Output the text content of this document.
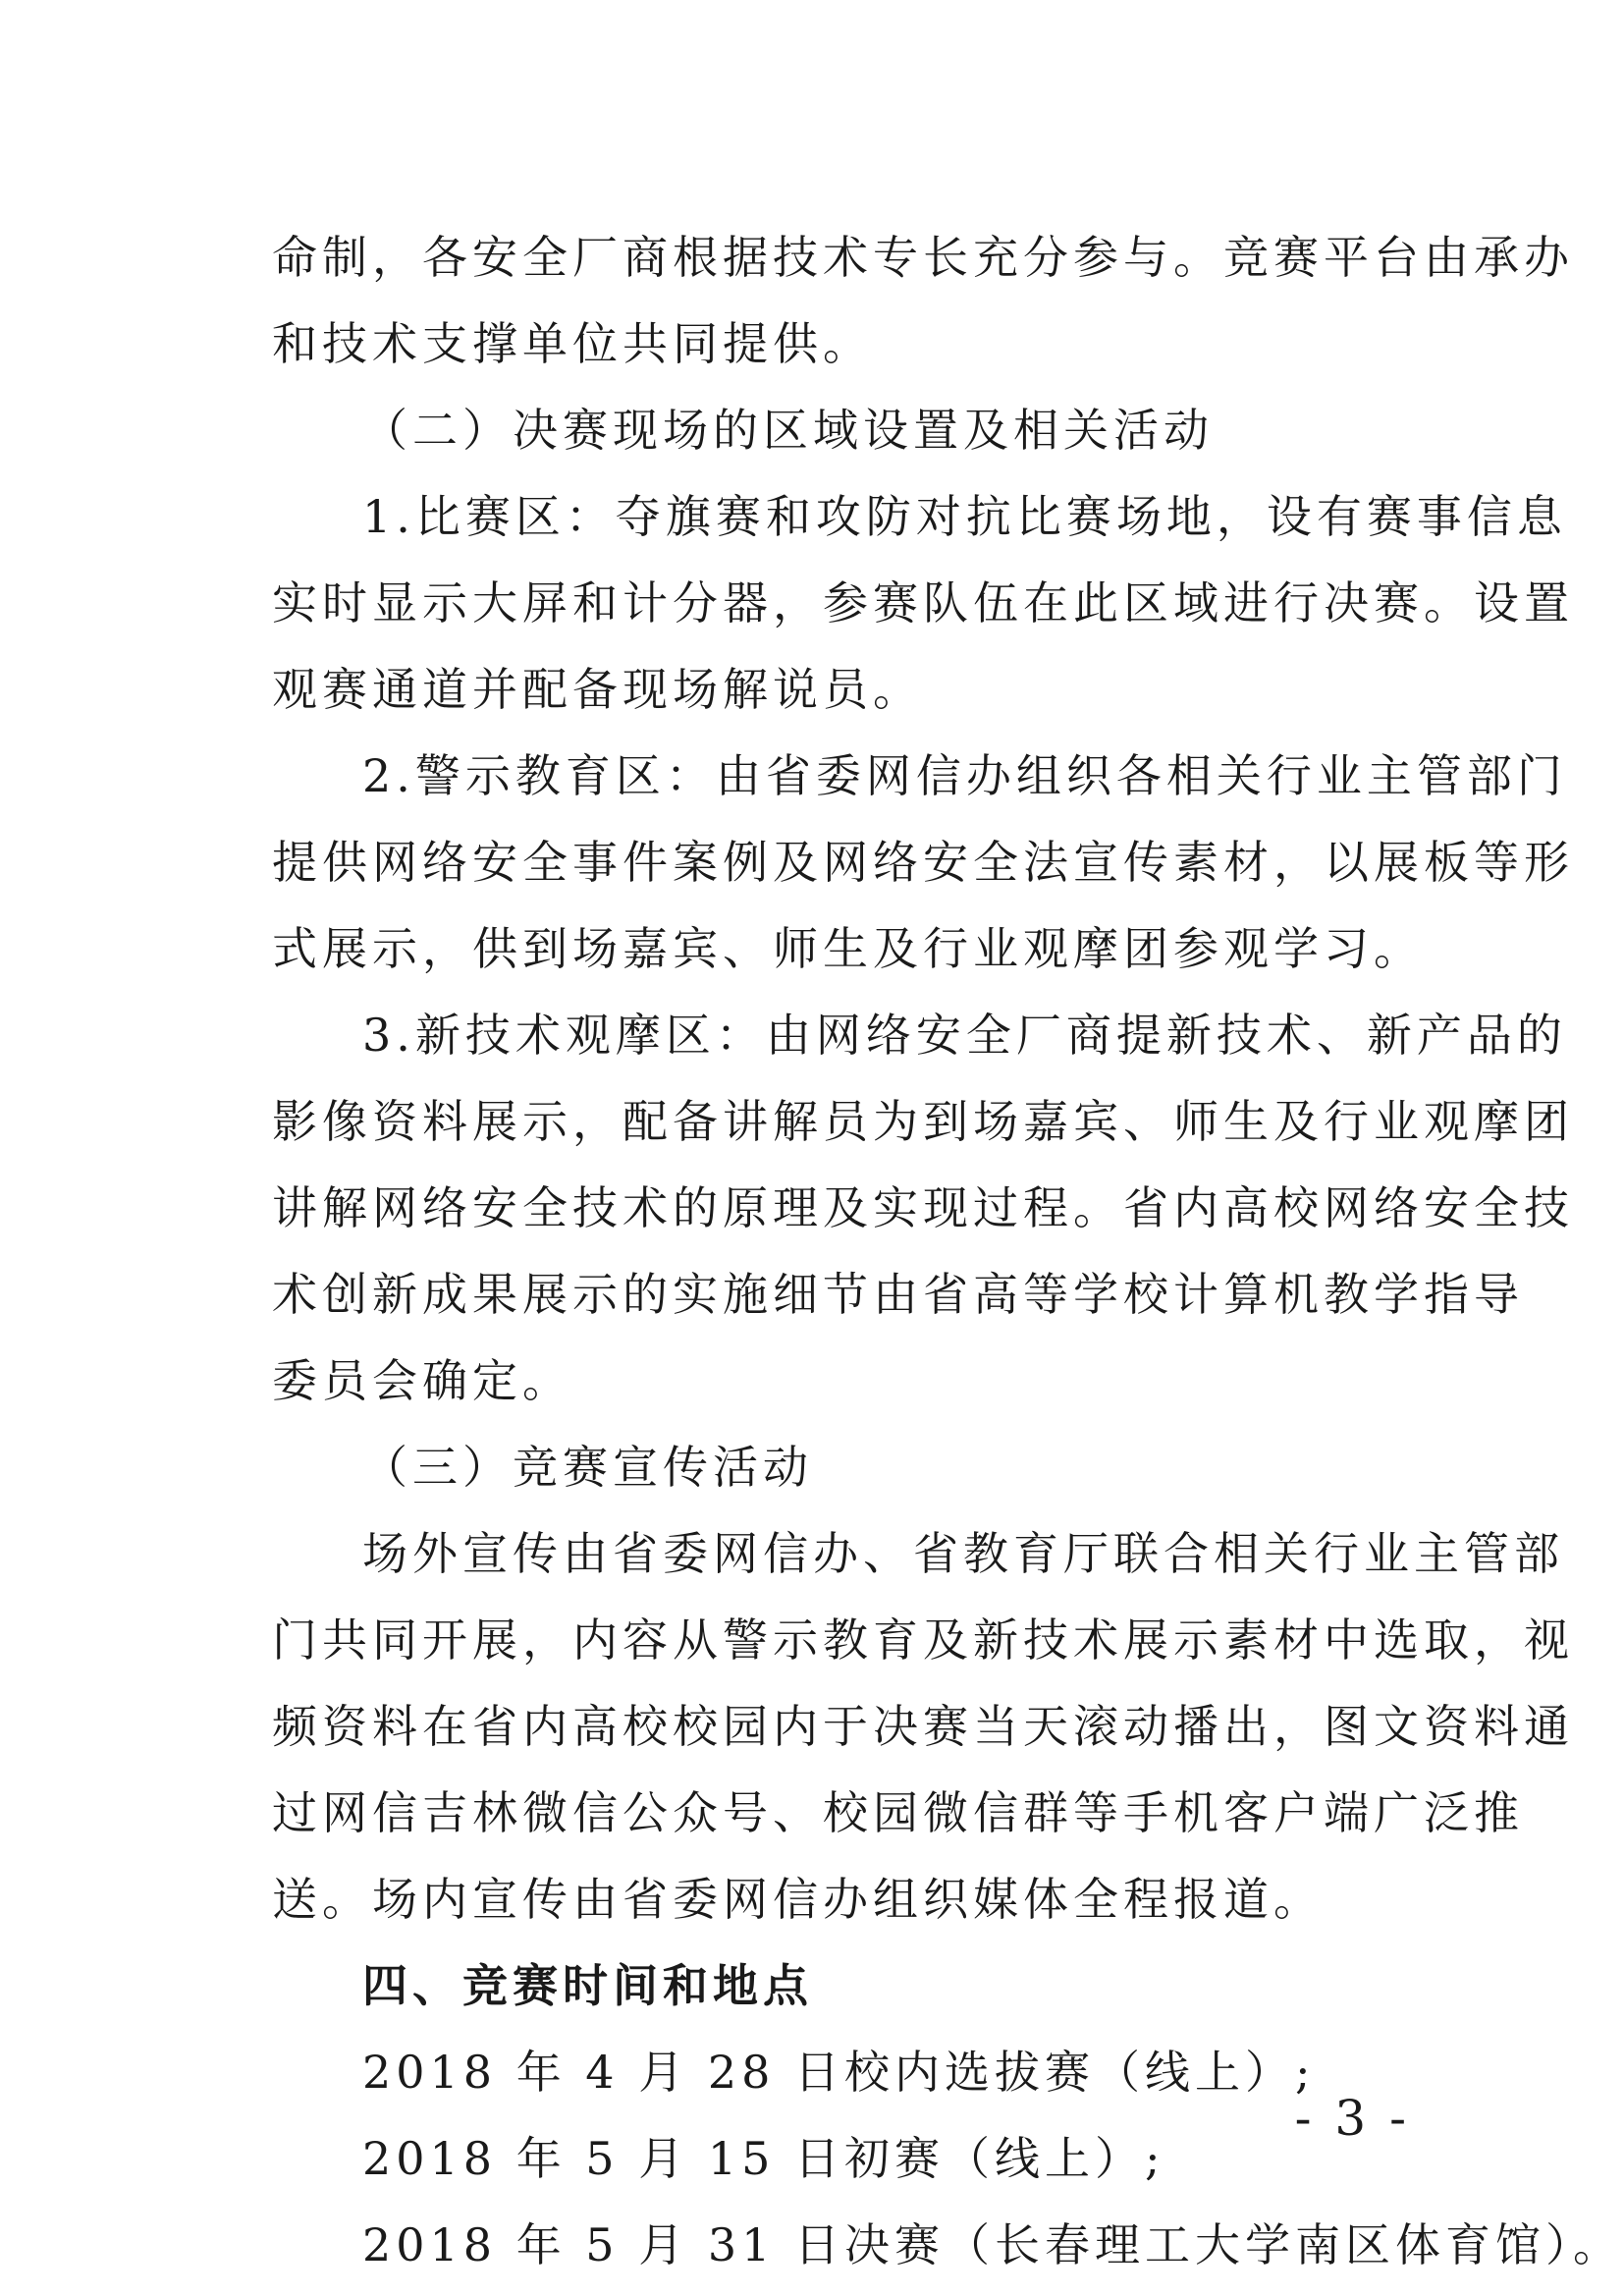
命制，各安全厂商根据技术专长充分参与。竞赛平台由承办
和技术支撑单位共同提供。
（二）决赛现场的区域设置及相关活动
1.比赛区：夺旗赛和攻防对抗比赛场地，设有赛事信息
实时显示大屏和计分器，参赛队伍在此区域进行决赛。设置
观赛通道并配备现场解说员。
2.警示教育区：由省委网信办组织各相关行业主管部门
提供网络安全事件案例及网络安全法宣传素材，以展板等形
式展示，供到场嘉宾、师生及行业观摩团参观学习。
3.新技术观摩区：由网络安全厂商提新技术、新产品的
影像资料展示，配备讲解员为到场嘉宾、师生及行业观摩团
讲解网络安全技术的原理及实现过程。省内高校网络安全技
术创新成果展示的实施细节由省高等学校计算机教学指导
委员会确定。
（三）竞赛宣传活动
场外宣传由省委网信办、省教育厅联合相关行业主管部
门共同开展，内容从警示教育及新技术展示素材中选取，视
频资料在省内高校校园内于决赛当天滚动播出，图文资料通
过网信吉林微信公众号、校园微信群等手机客户端广泛推
送。场内宣传由省委网信办组织媒体全程报道。
四、竞赛时间和地点
2018 年 4 月 28 日校内选拔赛（线上）;
2018 年 5 月 15 日初赛（线上）;
2018 年 5 月 31 日决赛（长春理工大学南区体育馆）。
- 3 -
